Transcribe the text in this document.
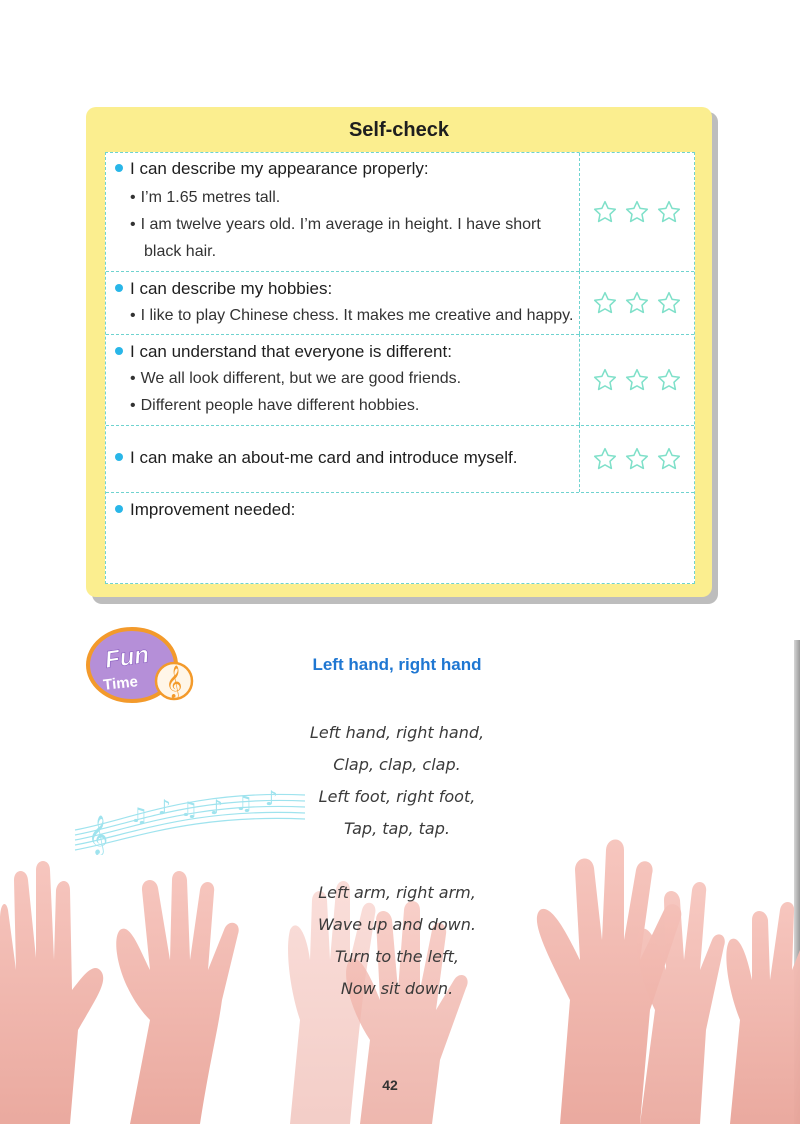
Self-check
I can describe my appearance properly:
• I’m 1.65 metres tall.
• I am twelve years old. I’m average in height. I have short
black hair.
I can describe my hobbies:
• I like to play Chinese chess. It makes me creative and happy.
I can understand that everyone is different:
• We all look different, but we are good friends.
• Different people have different hobbies.
I can make an about-me card and introduce myself.
Improvement needed:
Fun
Time 𝄞
Left hand, right hand
𝄞 ♫ ♪ ♫ ♪ ♫ ♪
Left hand, right hand,
Clap, clap, clap.
Left foot, right foot,
Tap, tap, tap.
Left arm, right arm,
Wave up and down.
Turn to the left,
Now sit down.
42
